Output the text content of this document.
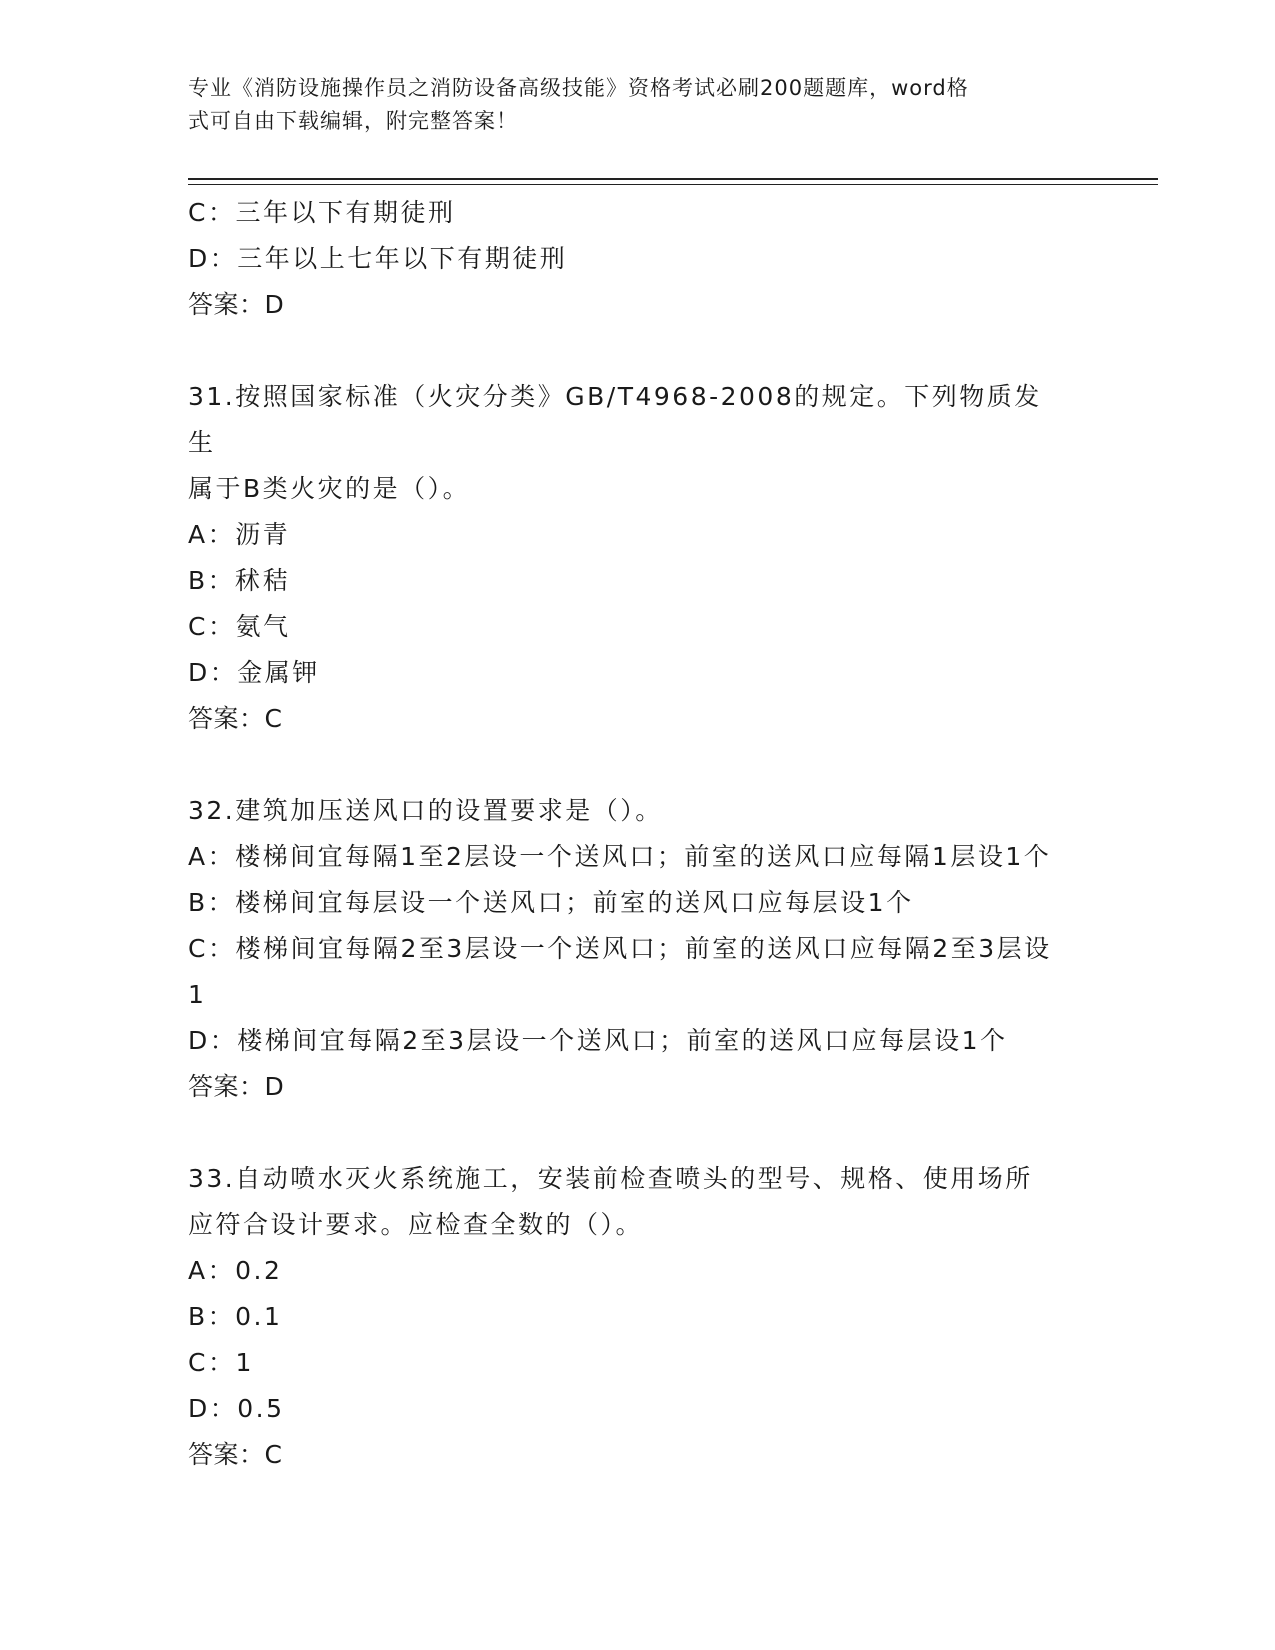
专业《消防设施操作员之消防设备高级技能》资格考试必刷200题题库，word格
式可自由下载编辑，附完整答案！

C：三年以下有期徒刑

D：三年以上七年以下有期徒刑

答案：D

31.按照国家标准（火灾分类》GB/T4968-2008的规定。下列物质发生

属于B类火灾的是（）。

A：沥青

B：秫秸

C：氨气

D：金属钾

答案：C

32.建筑加压送风口的设置要求是（）。

A：楼梯间宜每隔1至2层设一个送风口；前室的送风口应每隔1层设1个

B：楼梯间宜每层设一个送风口；前室的送风口应每层设1个

C：楼梯间宜每隔2至3层设一个送风口；前室的送风口应每隔2至3层设1

D：楼梯间宜每隔2至3层设一个送风口；前室的送风口应每层设1个

答案：D

33.自动喷水灭火系统施工，安装前检查喷头的型号、规格、使用场所

应符合设计要求。应检查全数的（）。

A：0.2

B：0.1

C：1

D：0.5

答案：C
